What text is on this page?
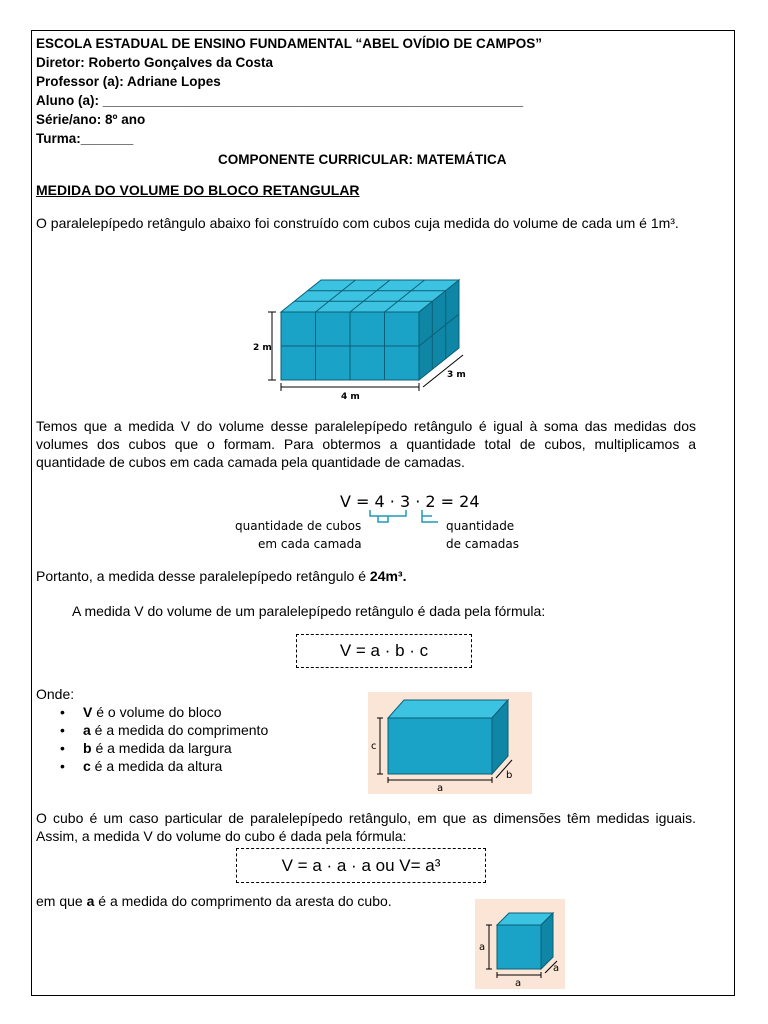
ESCOLA ESTADUAL DE ENSINO FUNDAMENTAL “ABEL OVÍDIO DE CAMPOS”
Diretor: Roberto Gonçalves da Costa
Professor (a): Adriane Lopes
Aluno (a): ________________________________________________________
Série/ano: 8º ano
Turma:_______
COMPONENTE CURRICULAR: MATEMÁTICA
MEDIDA DO VOLUME DO BLOCO RETANGULAR
O paralelepípedo retângulo abaixo foi construído com cubos cuja medida do volume de cada um é 1m³.
2 m
4 m
3 m
Temos que a medida V do volume desse paralelepípedo retângulo é igual à soma das medidas dos volumes dos cubos que o formam. Para obtermos a quantidade total de cubos, multiplicamos a quantidade de cubos em cada camada pela quantidade de camadas.
V = 4 · 3 · 2 = 24
quantidade de cubos
em cada camada
quantidade
de camadas
Portanto, a medida desse paralelepípedo retângulo é 24m³.
A medida V do volume de um paralelepípedo retângulo é dada pela fórmula:
V = a · b · c
Onde:
• V é o volume do bloco
• a é a medida do comprimento
• b é a medida da largura
• c é a medida da altura
c
a
b
O cubo é um caso particular de paralelepípedo retângulo, em que as dimensões têm medidas iguais. Assim, a medida V do volume do cubo é dada pela fórmula:
V = a · a · a ou V= a³
em que a é a medida do comprimento da aresta do cubo.
a
a
a
